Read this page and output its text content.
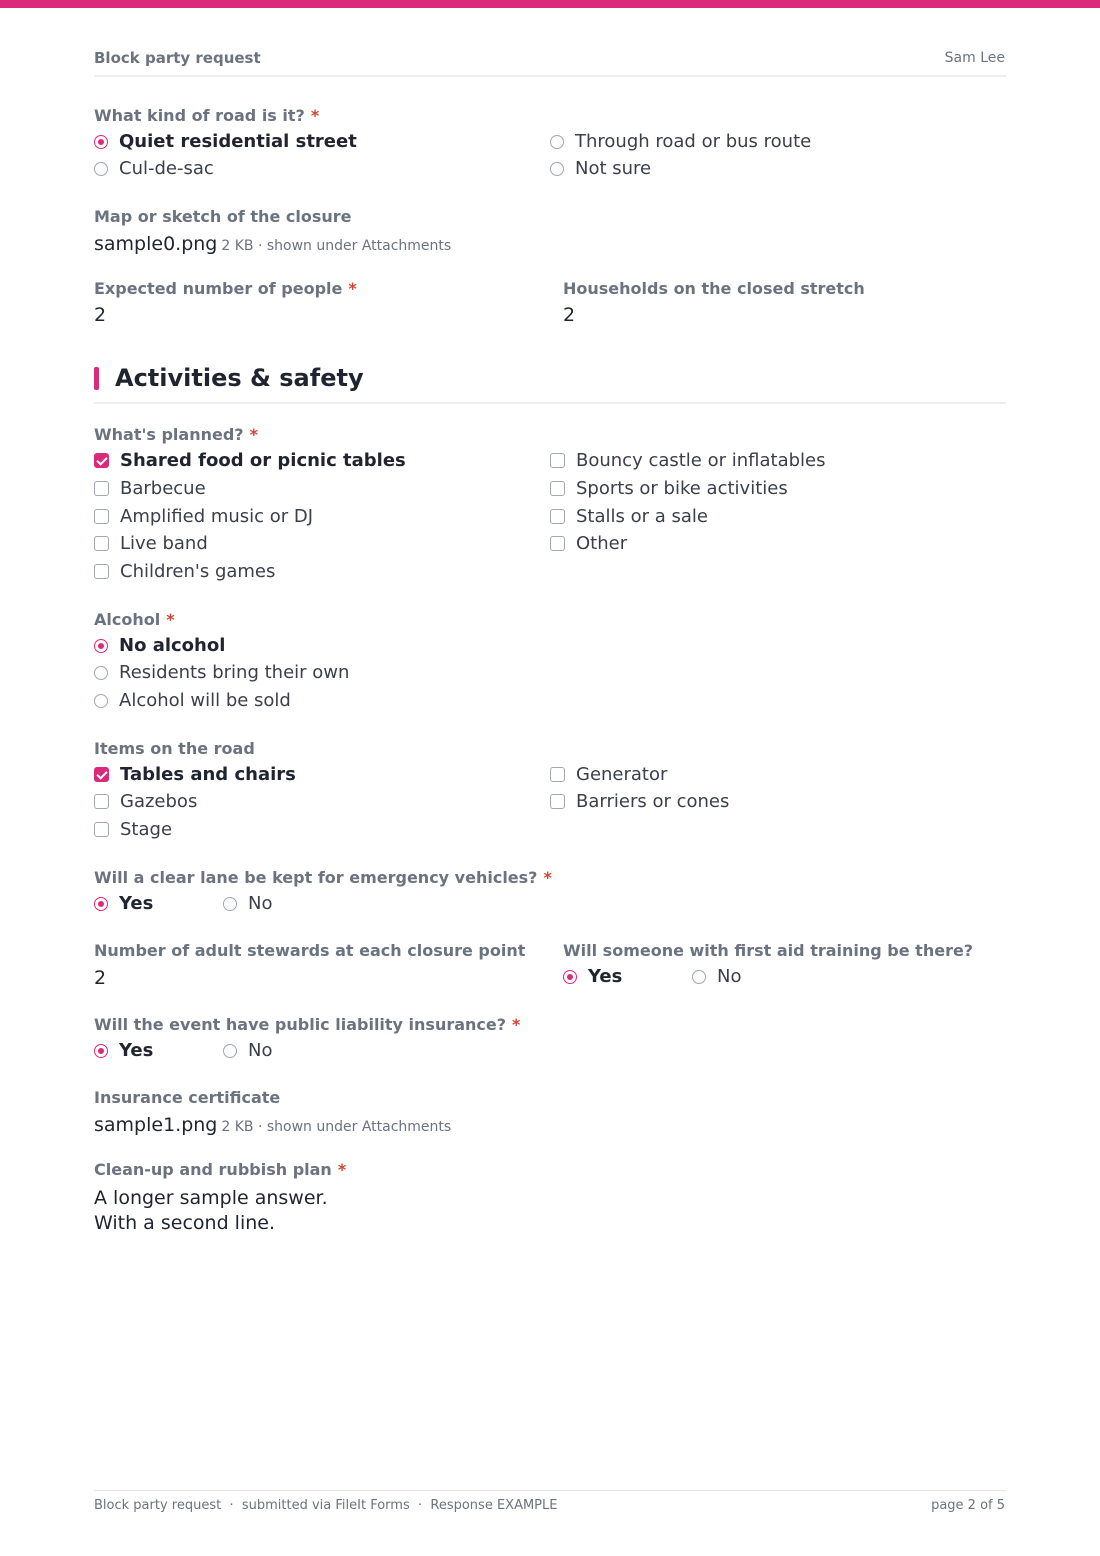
Block party request	Sam Lee
What kind of road is it? *
Quiet residential street	Through road or bus route
Cul-de-sac	Not sure
Map or sketch of the closure
sample0.png 2 KB · shown under Attachments
Expected number of people *
2
Households on the closed stretch
2
Activities & safety
What's planned? *
Shared food or picnic tables	Bouncy castle or inflatables
Barbecue	Sports or bike activities
Amplified music or DJ	Stalls or a sale
Live band	Other
Children's games
Alcohol *
No alcohol
Residents bring their own
Alcohol will be sold
Items on the road
Tables and chairs	Generator
Gazebos	Barriers or cones
Stage
Will a clear lane be kept for emergency vehicles? *
Yes	No
Number of adult stewards at each closure point
2
Will someone with first aid training be there?
Yes	No
Will the event have public liability insurance? *
Yes	No
Insurance certificate
sample1.png 2 KB · shown under Attachments
Clean-up and rubbish plan *
A longer sample answer.
With a second line.
Block party request  ·  submitted via FileIt Forms  ·  Response EXAMPLE	page 2 of 5
